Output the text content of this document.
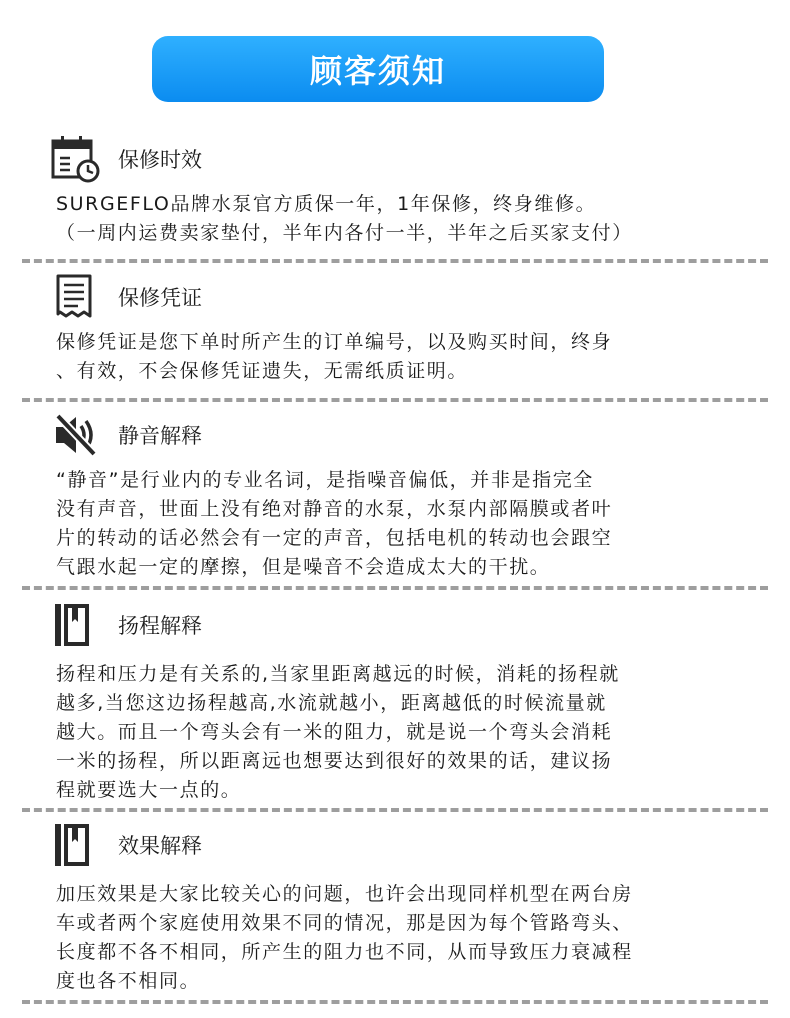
顾客须知
保修时效

SURGEFLO品牌水泵官方质保一年，1年保修，终身维修。

（一周内运费卖家垫付，半年内各付一半，半年之后买家支付）

保修凭证

保修凭证是您下单时所产生的订单编号，以及购买时间，终身

、有效，不会保修凭证遗失，无需纸质证明。

静音解释

“静音”是行业内的专业名词，是指噪音偏低，并非是指完全

没有声音，世面上没有绝对静音的水泵，水泵内部隔膜或者叶

片的转动的话必然会有一定的声音，包括电机的转动也会跟空

气跟水起一定的摩擦，但是噪音不会造成太大的干扰。

扬程解释

扬程和压力是有关系的,当家里距离越远的时候，消耗的扬程就

越多,当您这边扬程越高,水流就越小，距离越低的时候流量就

越大。而且一个弯头会有一米的阻力，就是说一个弯头会消耗

一米的扬程，所以距离远也想要达到很好的效果的话，建议扬

程就要选大一点的。

效果解释

加压效果是大家比较关心的问题，也许会出现同样机型在两台房

车或者两个家庭使用效果不同的情况，那是因为每个管路弯头、

长度都不各不相同，所产生的阻力也不同，从而导致压力衰减程

度也各不相同。
